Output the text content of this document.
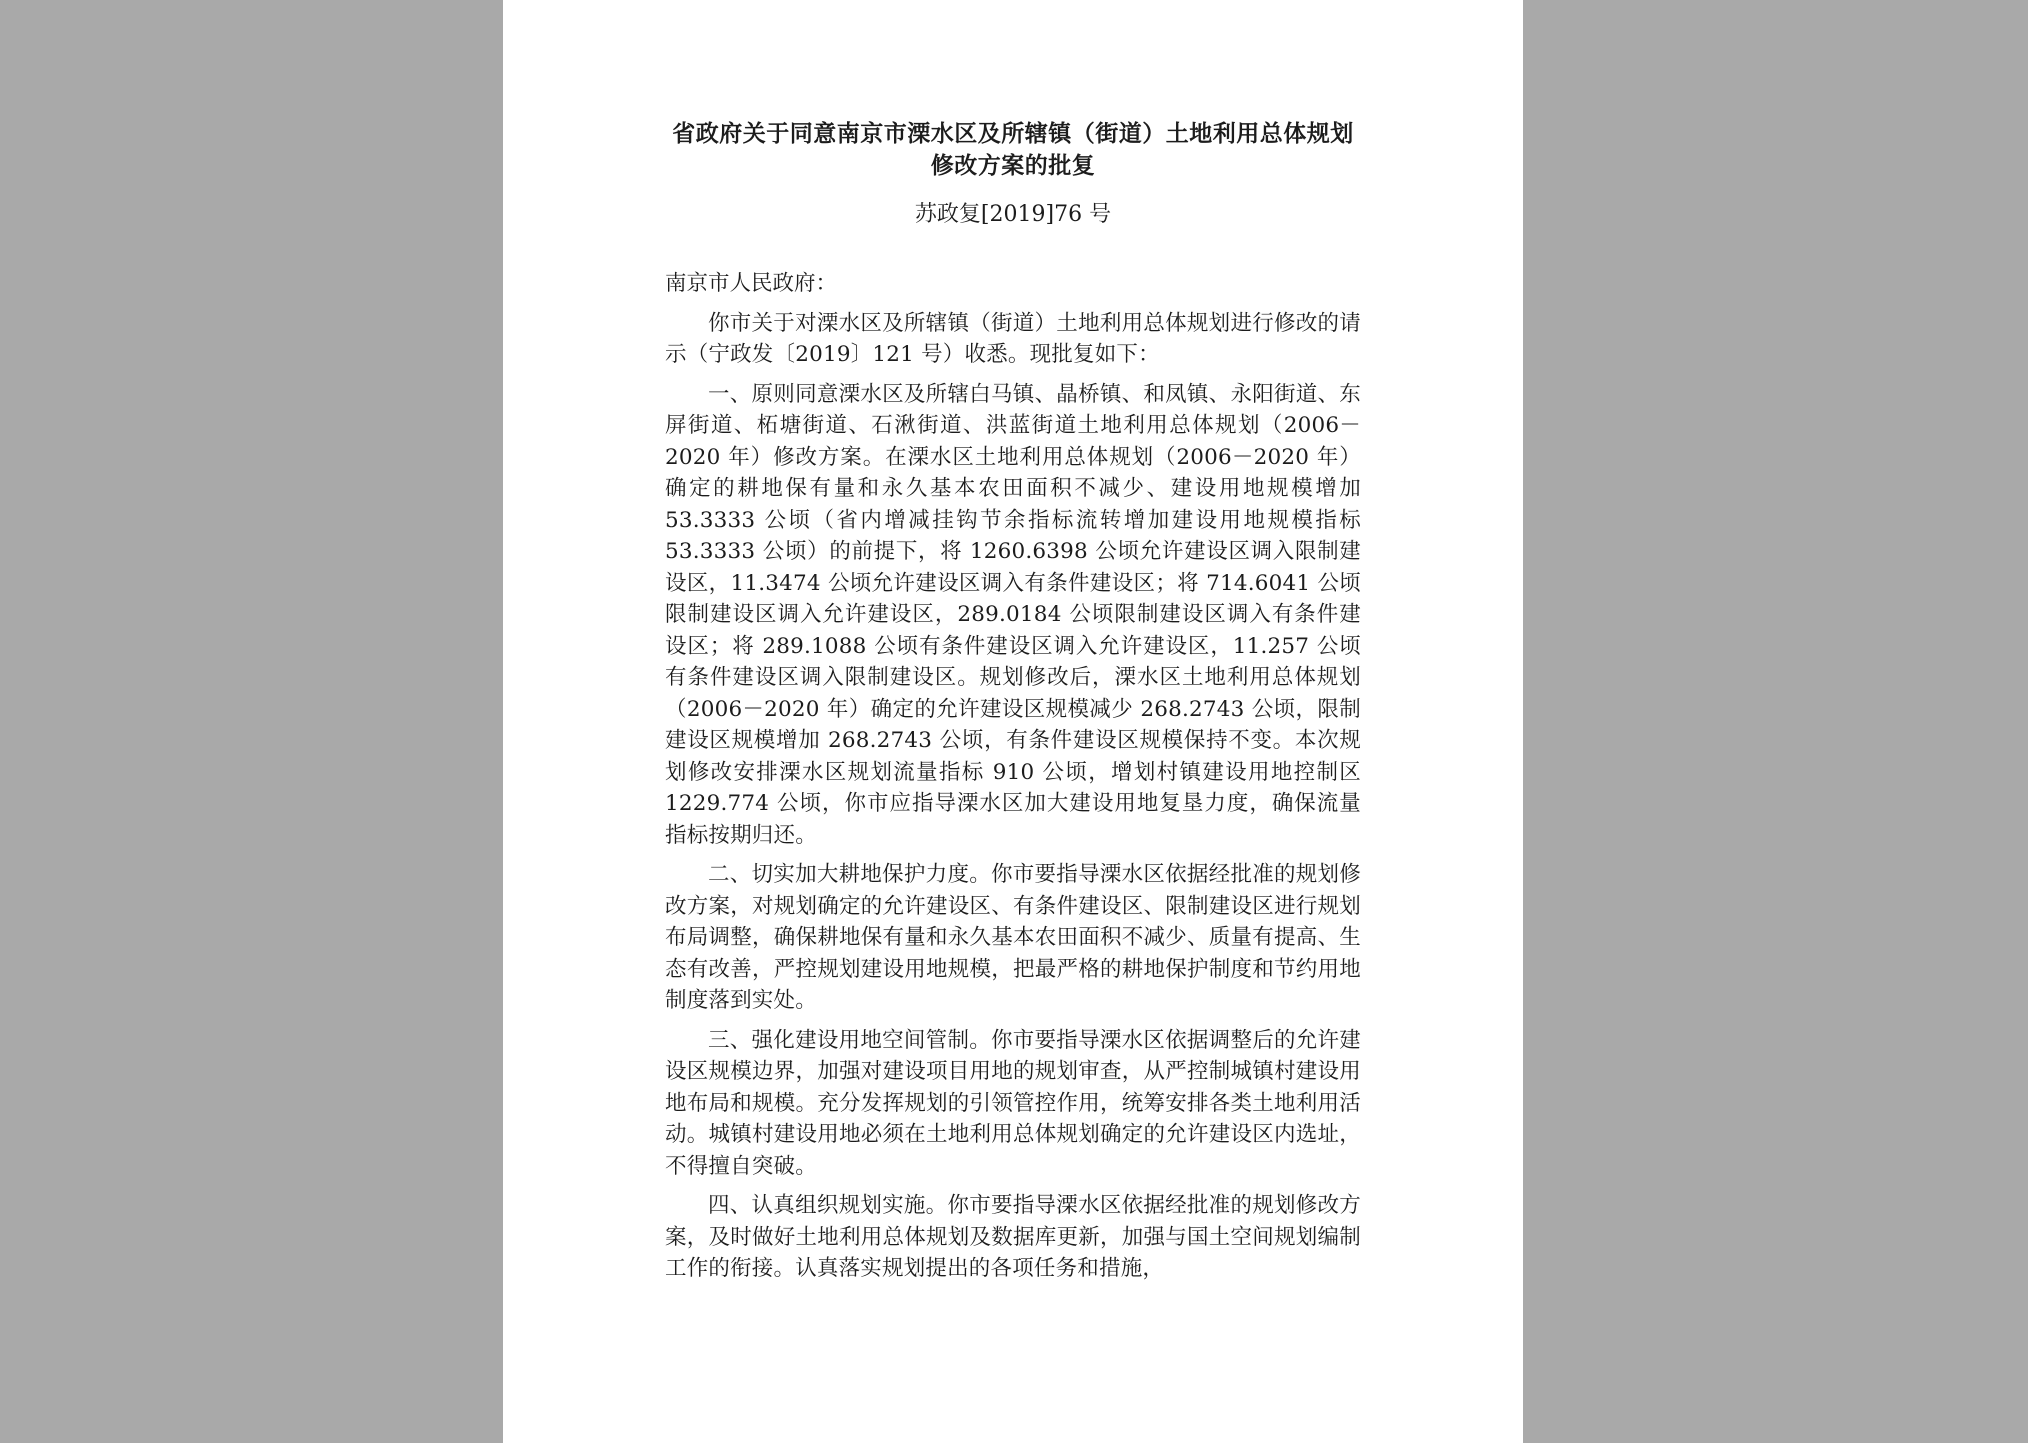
省政府关于同意南京市溧水区及所辖镇（街道）土地利用总体规划
修改方案的批复
苏政复[2019]76 号
南京市人民政府：

你市关于对溧水区及所辖镇（街道）土地利用总体规划进行修改的请示（宁政发〔2019〕121 号）收悉。现批复如下：

一、原则同意溧水区及所辖白马镇、晶桥镇、和凤镇、永阳街道、东屏街道、柘塘街道、石湫街道、洪蓝街道土地利用总体规划（2006－2020 年）修改方案。在溧水区土地利用总体规划（2006－2020 年）确定的耕地保有量和永久基本农田面积不减少、建设用地规模增加 53.3333 公顷（省内增减挂钩节余指标流转增加建设用地规模指标 53.3333 公顷）的前提下，将 1260.6398 公顷允许建设区调入限制建设区，11.3474 公顷允许建设区调入有条件建设区；将 714.6041 公顷限制建设区调入允许建设区，289.0184 公顷限制建设区调入有条件建设区；将 289.1088 公顷有条件建设区调入允许建设区，11.257 公顷有条件建设区调入限制建设区。规划修改后，溧水区土地利用总体规划（2006－2020 年）确定的允许建设区规模减少 268.2743 公顷，限制建设区规模增加 268.2743 公顷，有条件建设区规模保持不变。本次规划修改安排溧水区规划流量指标 910 公顷，增划村镇建设用地控制区 1229.774 公顷，你市应指导溧水区加大建设用地复垦力度，确保流量指标按期归还。

二、切实加大耕地保护力度。你市要指导溧水区依据经批准的规划修改方案，对规划确定的允许建设区、有条件建设区、限制建设区进行规划布局调整，确保耕地保有量和永久基本农田面积不减少、质量有提高、生态有改善，严控规划建设用地规模，把最严格的耕地保护制度和节约用地制度落到实处。

三、强化建设用地空间管制。你市要指导溧水区依据调整后的允许建设区规模边界，加强对建设项目用地的规划审查，从严控制城镇村建设用地布局和规模。充分发挥规划的引领管控作用，统筹安排各类土地利用活动。城镇村建设用地必须在土地利用总体规划确定的允许建设区内选址，不得擅自突破。

四、认真组织规划实施。你市要指导溧水区依据经批准的规划修改方案，及时做好土地利用总体规划及数据库更新，加强与国土空间规划编制工作的衔接。认真落实规划提出的各项任务和措施，
